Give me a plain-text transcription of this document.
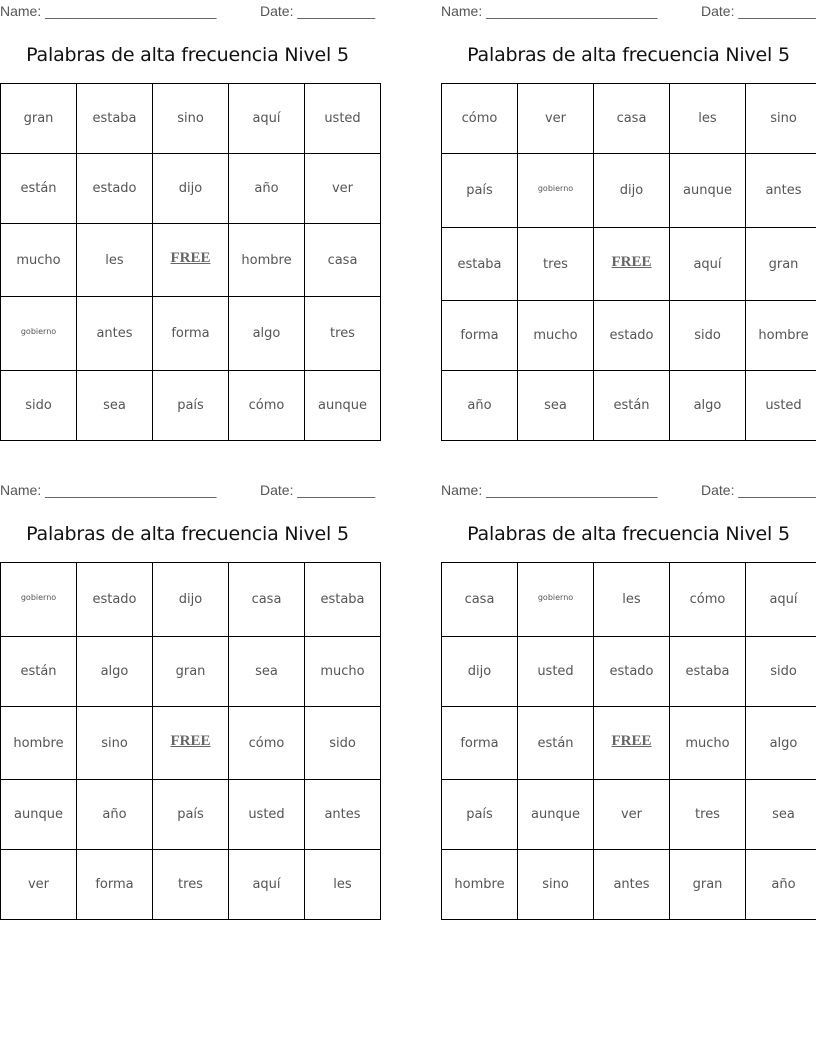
Name: ______________________	Date: __________
Palabras de alta frecuencia Nivel 5
gran	estaba	sino	aquí	usted
están	estado	dijo	año	ver
mucho	les	FREE	hombre	casa
gobierno	antes	forma	algo	tres
sido	sea	país	cómo	aunque
Name: ______________________	Date: __________
Palabras de alta frecuencia Nivel 5
cómo	ver	casa	les	sino
país	gobierno	dijo	aunque	antes
estaba	tres	FREE	aquí	gran
forma	mucho	estado	sido	hombre
año	sea	están	algo	usted
Name: ______________________	Date: __________
Palabras de alta frecuencia Nivel 5
gobierno	estado	dijo	casa	estaba
están	algo	gran	sea	mucho
hombre	sino	FREE	cómo	sido
aunque	año	país	usted	antes
ver	forma	tres	aquí	les
Name: ______________________	Date: __________
Palabras de alta frecuencia Nivel 5
casa	gobierno	les	cómo	aquí
dijo	usted	estado	estaba	sido
forma	están	FREE	mucho	algo
país	aunque	ver	tres	sea
hombre	sino	antes	gran	año
